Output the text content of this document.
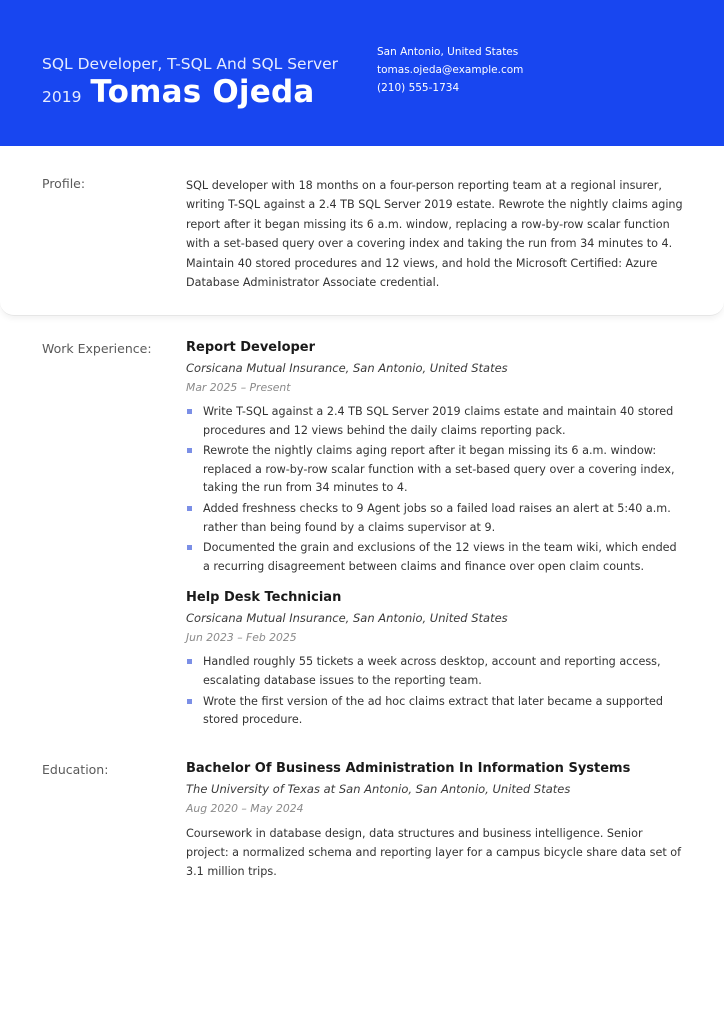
SQL Developer, T-SQL And SQL Server 2019 Tomas Ojeda
San Antonio, United States
tomas.ojeda@example.com
(210) 555-1734
Profile:	SQL developer with 18 months on a four-person reporting team at a regional insurer, writing T-SQL against a 2.4 TB SQL Server 2019 estate. Rewrote the nightly claims aging report after it began missing its 6 a.m. window, replacing a row-by-row scalar function with a set-based query over a covering index and taking the run from 34 minutes to 4. Maintain 40 stored procedures and 12 views, and hold the Microsoft Certified: Azure Database Administrator Associate credential.
Work Experience:	Report Developer
Corsicana Mutual Insurance, San Antonio, United States
Mar 2025 – Present
Write T-SQL against a 2.4 TB SQL Server 2019 claims estate and maintain 40 stored procedures and 12 views behind the daily claims reporting pack.
Rewrote the nightly claims aging report after it began missing its 6 a.m. window: replaced a row-by-row scalar function with a set-based query over a covering index, taking the run from 34 minutes to 4.
Added freshness checks to 9 Agent jobs so a failed load raises an alert at 5:40 a.m. rather than being found by a claims supervisor at 9.
Documented the grain and exclusions of the 12 views in the team wiki, which ended a recurring disagreement between claims and finance over open claim counts.
Help Desk Technician
Corsicana Mutual Insurance, San Antonio, United States
Jun 2023 – Feb 2025
Handled roughly 55 tickets a week across desktop, account and reporting access, escalating database issues to the reporting team.
Wrote the first version of the ad hoc claims extract that later became a supported stored procedure.
Education:	Bachelor Of Business Administration In Information Systems
The University of Texas at San Antonio, San Antonio, United States
Aug 2020 – May 2024
Coursework in database design, data structures and business intelligence. Senior project: a normalized schema and reporting layer for a campus bicycle share data set of 3.1 million trips.
